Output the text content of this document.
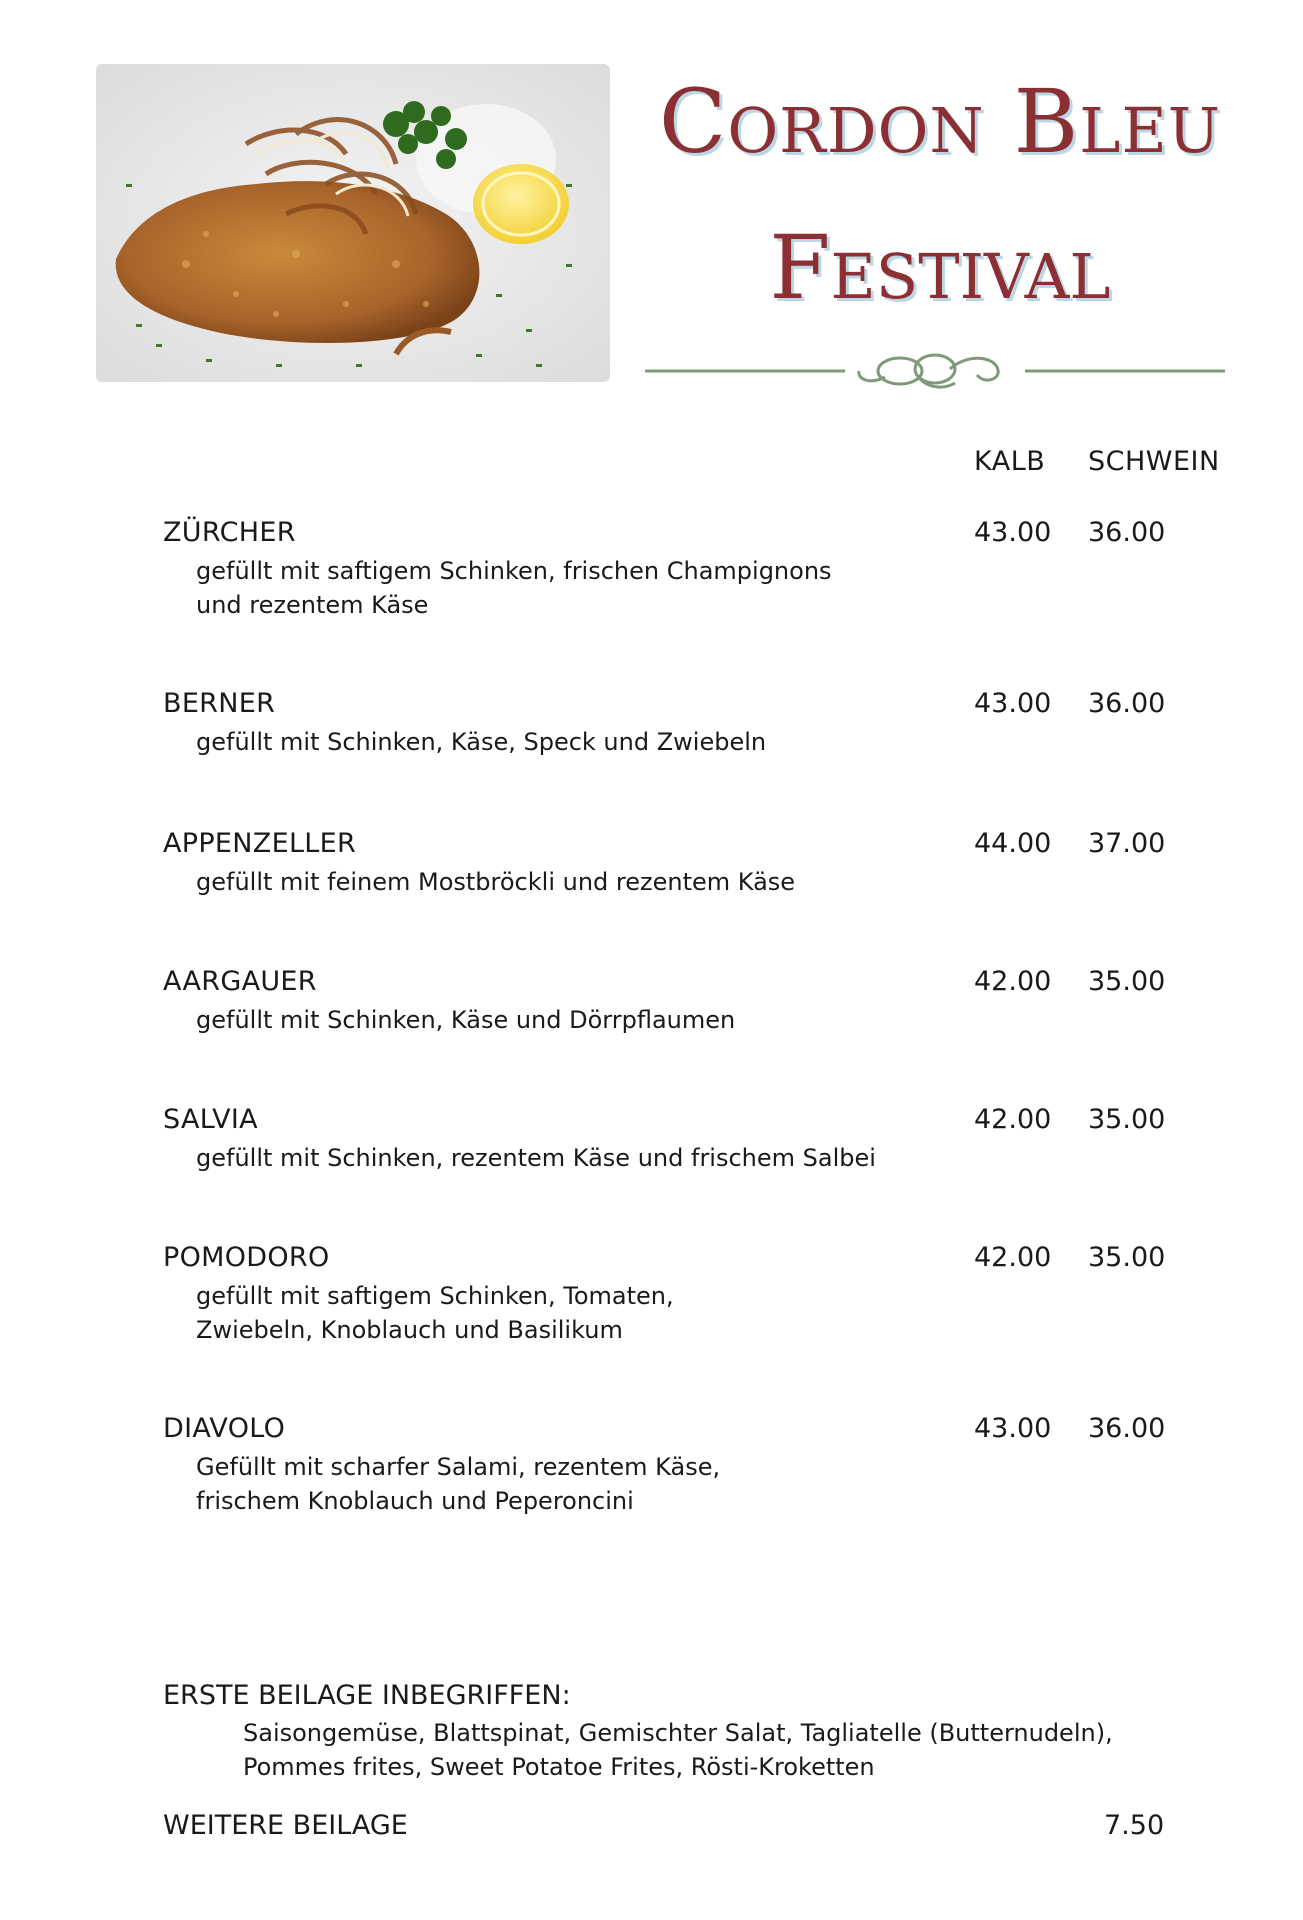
Cordon Bleu
Festival
KALB SCHWEIN
ZÜRCHER
gefüllt mit saftigem Schinken, frischen Champignons
und rezentem Käse
43.00 36.00
BERNER
gefüllt mit Schinken, Käse, Speck und Zwiebeln
43.00 36.00
APPENZELLER
gefüllt mit feinem Mostbröckli und rezentem Käse
44.00 37.00
AARGAUER
gefüllt mit Schinken, Käse und Dörrpflaumen
42.00 35.00
SALVIA
gefüllt mit Schinken, rezentem Käse und frischem Salbei
42.00 35.00
POMODORO
gefüllt mit saftigem Schinken, Tomaten,
Zwiebeln, Knoblauch und Basilikum
42.00 35.00
DIAVOLO
Gefüllt mit scharfer Salami, rezentem Käse,
frischem Knoblauch und Peperoncini
43.00 36.00
ERSTE BEILAGE INBEGRIFFEN:
Saisongemüse, Blattspinat, Gemischter Salat, Tagliatelle (Butternudeln),
Pommes frites, Sweet Potatoe Frites, Rösti-Kroketten
WEITERE BEILAGE	7.50
